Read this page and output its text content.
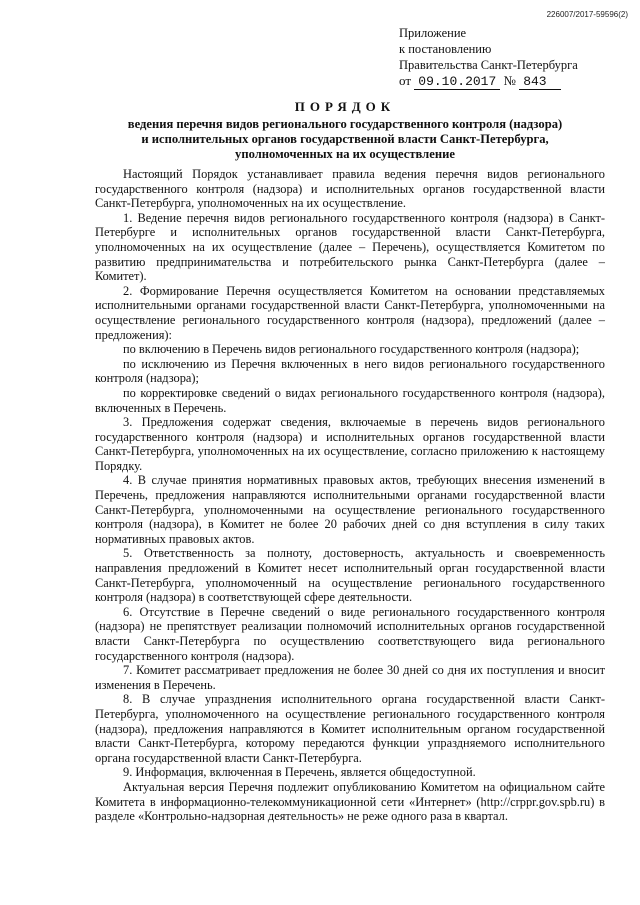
226007/2017-59596(2)
Приложение
к постановлению
Правительства Санкт-Петербурга
от 09.10.2017 № 843
ПОРЯДОК
ведения перечня видов регионального государственного контроля (надзора)
и исполнительных органов государственной власти Санкт-Петербурга,
уполномоченных на их осуществление

Настоящий Порядок устанавливает правила ведения перечня видов регионального государственного контроля (надзора) и исполнительных органов государственной власти Санкт-Петербурга, уполномоченных на их осуществление.

1. Ведение перечня видов регионального государственного контроля (надзора) в Санкт-Петербурге и исполнительных органов государственной власти Санкт-Петербурга, уполномоченных на их осуществление (далее – Перечень), осуществляется Комитетом по развитию предпринимательства и потребительского рынка Санкт-Петербурга (далее – Комитет).

2. Формирование Перечня осуществляется Комитетом на основании представляемых исполнительными органами государственной власти Санкт-Петербурга, уполномоченными на осуществление регионального государственного контроля (надзора), предложений (далее – предложения):

по включению в Перечень видов регионального государственного контроля (надзора);

по исключению из Перечня включенных в него видов регионального государственного контроля (надзора);

по корректировке сведений о видах регионального государственного контроля (надзора), включенных в Перечень.

3. Предложения содержат сведения, включаемые в перечень видов регионального государственного контроля (надзора) и исполнительных органов государственной власти Санкт-Петербурга, уполномоченных на их осуществление, согласно приложению к настоящему Порядку.

4. В случае принятия нормативных правовых актов, требующих внесения изменений в Перечень, предложения направляются исполнительными органами государственной власти Санкт-Петербурга, уполномоченными на осуществление регионального государственного контроля (надзора), в Комитет не более 20 рабочих дней со дня вступления в силу таких нормативных правовых актов.

5. Ответственность за полноту, достоверность, актуальность и своевременность направления предложений в Комитет несет исполнительный орган государственной власти Санкт-Петербурга, уполномоченный на осуществление регионального государственного контроля (надзора) в соответствующей сфере деятельности.

6. Отсутствие в Перечне сведений о виде регионального государственного контроля (надзора) не препятствует реализации полномочий исполнительных органов государственной власти Санкт-Петербурга по осуществлению соответствующего вида регионального государственного контроля (надзора).

7. Комитет рассматривает предложения не более 30 дней со дня их поступления и вносит изменения в Перечень.

8. В случае упразднения исполнительного органа государственной власти Санкт-Петербурга, уполномоченного на осуществление регионального государственного контроля (надзора), предложения направляются в Комитет исполнительным органом государственной власти Санкт-Петербурга, которому передаются функции упраздняемого исполнительного органа государственной власти Санкт-Петербурга.

9. Информация, включенная в Перечень, является общедоступной.

Актуальная версия Перечня подлежит опубликованию Комитетом на официальном сайте Комитета в информационно-телекоммуникационной сети «Интернет» (http://crppr.gov.spb.ru) в разделе «Контрольно-надзорная деятельность» не реже одного раза в квартал.
